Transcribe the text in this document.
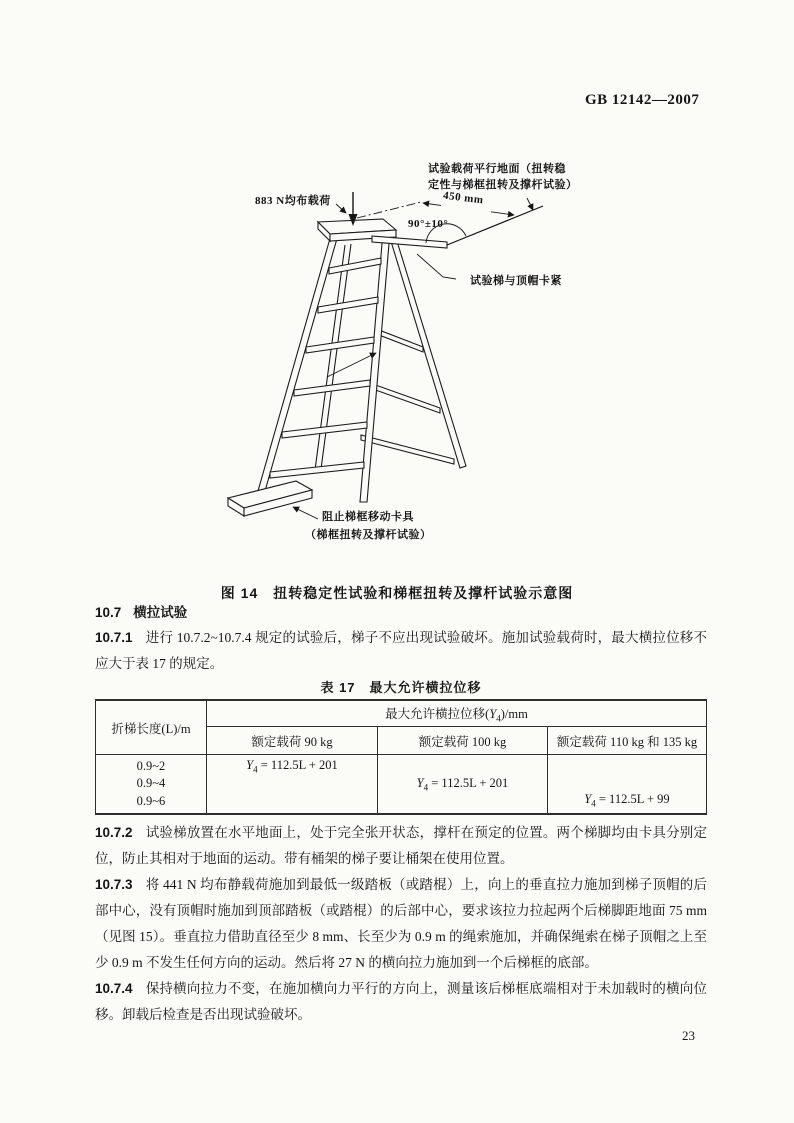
GB 12142—2007
883 N均布载荷
试验载荷平行地面（扭转稳
定性与梯框扭转及撑杆试验）
450 mm
90°±10°
试验梯与顶帽卡紧
阻止梯框移动卡具
（梯框扭转及撑杆试验）
图 14　扭转稳定性试验和梯框扭转及撑杆试验示意图
10.7 横拉试验

10.7.1 进行 10.7.2~10.7.4 规定的试验后，梯子不应出现试验破坏。施加试验载荷时，最大横拉位移不应大于表 17 的规定。

表 17　最大允许横拉位移
折梯长度(L)/m
最大允许横拉位移$(Y_4)/mm$
额定载荷 90 kg	额定载荷 100 kg	额定载荷 110 kg 和 135 kg
0.9~2
0.9~4
0.9~6
$Y_4 = 112.5L + 201$
$Y_4 = 112.5L + 201$
$Y_4 = 112.5L + 99$

10.7.2 试验梯放置在水平地面上，处于完全张开状态，撑杆在预定的位置。两个梯脚均由卡具分别定位，防止其相对于地面的运动。带有桶架的梯子要让桶架在使用位置。

10.7.3 将 441 N 均布静载荷施加到最低一级踏板（或踏棍）上，向上的垂直拉力施加到梯子顶帽的后部中心，没有顶帽时施加到顶部踏板（或踏棍）的后部中心，要求该拉力拉起两个后梯脚距地面 75 mm（见图 15）。垂直拉力借助直径至少 8 mm、长至少为 0.9 m 的绳索施加，并确保绳索在梯子顶帽之上至少 0.9 m 不发生任何方向的运动。然后将 27 N 的横向拉力施加到一个后梯框的底部。

10.7.4 保持横向拉力不变，在施加横向力平行的方向上，测量该后梯框底端相对于未加载时的横向位移。卸载后检查是否出现试验破坏。

23
